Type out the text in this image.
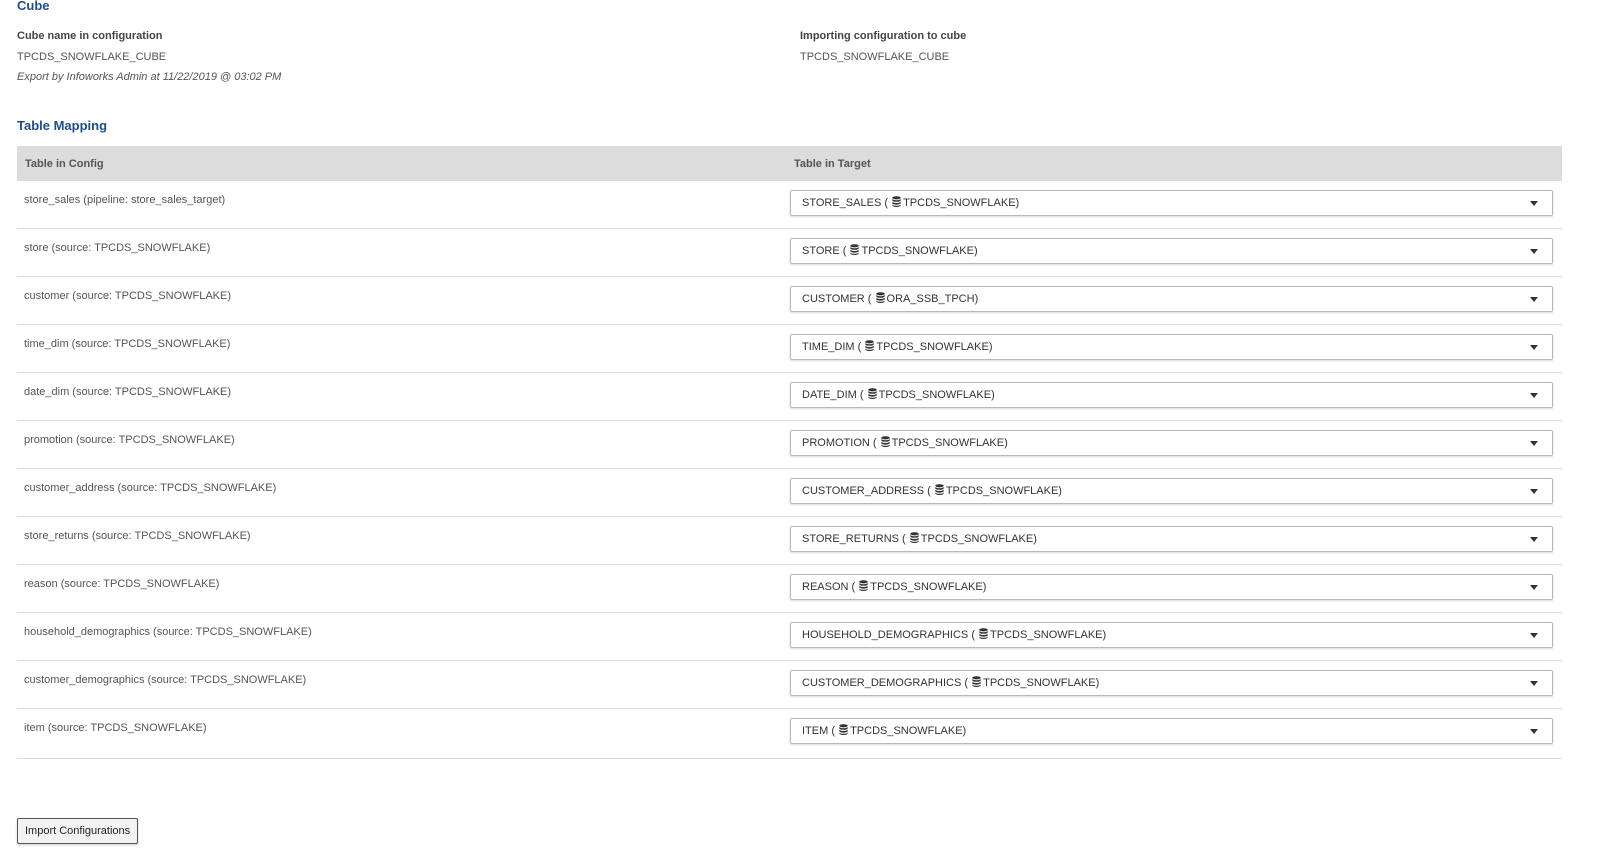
Cube
Cube name in configuration
TPCDS_SNOWFLAKE_CUBE
Export by Infoworks Admin at 11/22/2019 @ 03:02 PM
Importing configuration to cube
TPCDS_SNOWFLAKE_CUBE
Table Mapping
Table in Config	Table in Target
store_sales (pipeline: store_sales_target)	STORE_SALES ( TPCDS_SNOWFLAKE)
store (source: TPCDS_SNOWFLAKE)	STORE ( TPCDS_SNOWFLAKE)
customer (source: TPCDS_SNOWFLAKE)	CUSTOMER ( ORA_SSB_TPCH)
time_dim (source: TPCDS_SNOWFLAKE)	TIME_DIM ( TPCDS_SNOWFLAKE)
date_dim (source: TPCDS_SNOWFLAKE)	DATE_DIM ( TPCDS_SNOWFLAKE)
promotion (source: TPCDS_SNOWFLAKE)	PROMOTION ( TPCDS_SNOWFLAKE)
customer_address (source: TPCDS_SNOWFLAKE)	CUSTOMER_ADDRESS ( TPCDS_SNOWFLAKE)
store_returns (source: TPCDS_SNOWFLAKE)	STORE_RETURNS ( TPCDS_SNOWFLAKE)
reason (source: TPCDS_SNOWFLAKE)	REASON ( TPCDS_SNOWFLAKE)
household_demographics (source: TPCDS_SNOWFLAKE)	HOUSEHOLD_DEMOGRAPHICS ( TPCDS_SNOWFLAKE)
customer_demographics (source: TPCDS_SNOWFLAKE)	CUSTOMER_DEMOGRAPHICS ( TPCDS_SNOWFLAKE)
item (source: TPCDS_SNOWFLAKE)	ITEM ( TPCDS_SNOWFLAKE)
Import Configurations
